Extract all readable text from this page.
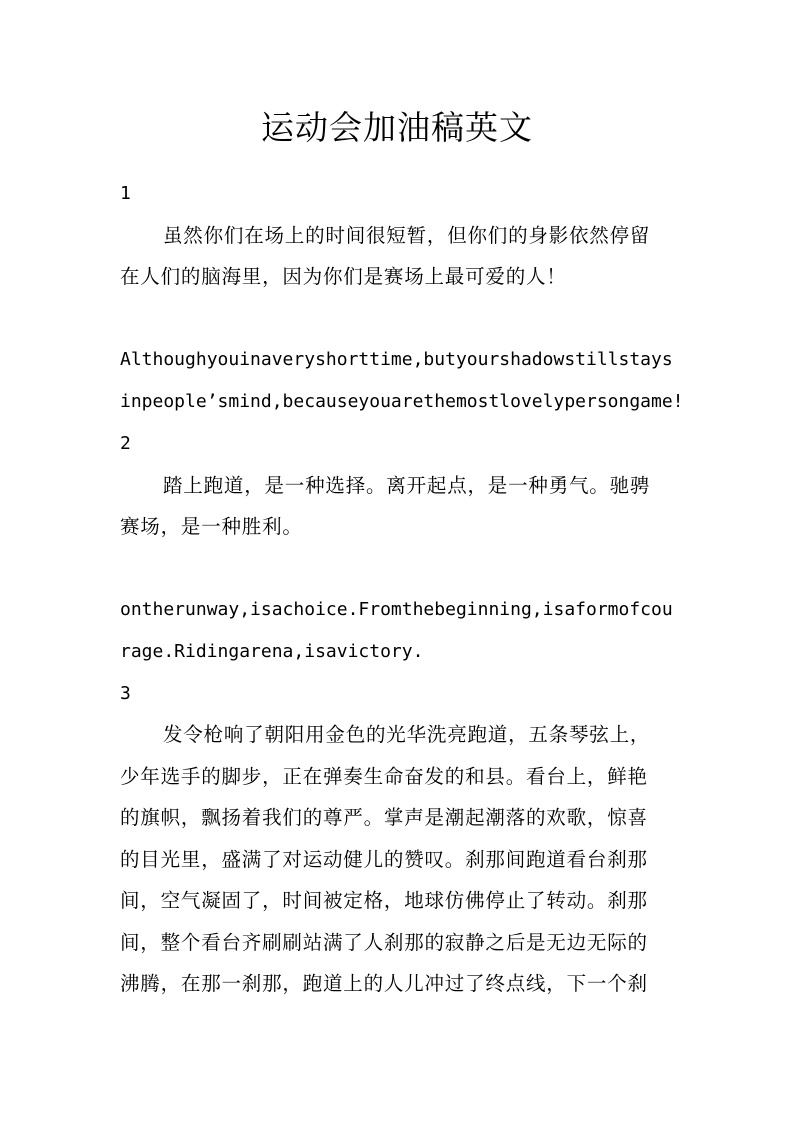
运动会加油稿英文
1
虽然你们在场上的时间很短暂，但你们的身影依然停留
在人们的脑海里，因为你们是赛场上最可爱的人！
Althoughyouinaveryshorttime,butyourshadowstillstays
inpeople’smind,becauseyouarethemostlovelypersongame!
2
踏上跑道，是一种选择。离开起点，是一种勇气。驰骋
赛场，是一种胜利。
ontherunway,isachoice.Fromthebeginning,isaformofcou
rage.Ridingarena,isavictory.
3
发令枪响了朝阳用金色的光华洗亮跑道，五条琴弦上，
少年选手的脚步，正在弹奏生命奋发的和县。看台上，鲜艳
的旗帜，飘扬着我们的尊严。掌声是潮起潮落的欢歌，惊喜
的目光里，盛满了对运动健儿的赞叹。刹那间跑道看台刹那
间，空气凝固了，时间被定格，地球仿佛停止了转动。刹那
间，整个看台齐刷刷站满了人刹那的寂静之后是无边无际的
沸腾，在那一刹那，跑道上的人儿冲过了终点线，下一个刹
